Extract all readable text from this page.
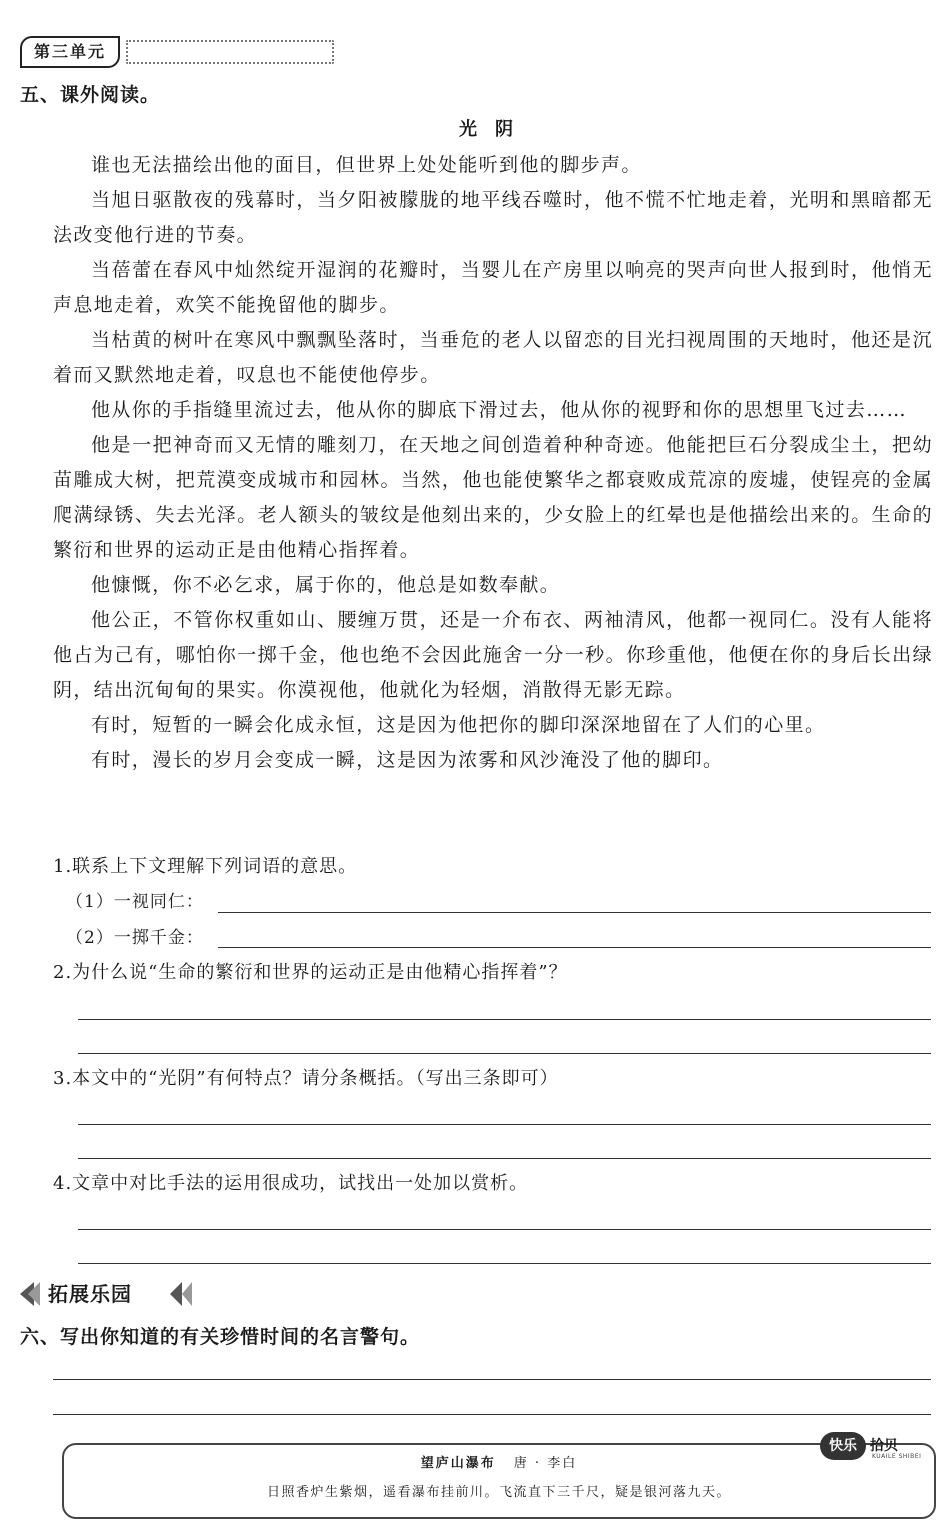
第三单元
五、课外阅读。
光阴

谁也无法描绘出他的面目，但世界上处处能听到他的脚步声。

当旭日驱散夜的残幕时，当夕阳被朦胧的地平线吞噬时，他不慌不忙地走着，光明和黑暗都无法改变他行进的节奏。

当蓓蕾在春风中灿然绽开湿润的花瓣时，当婴儿在产房里以响亮的哭声向世人报到时，他悄无声息地走着，欢笑不能挽留他的脚步。

当枯黄的树叶在寒风中飘飘坠落时，当垂危的老人以留恋的目光扫视周围的天地时，他还是沉着而又默然地走着，叹息也不能使他停步。

他从你的手指缝里流过去，他从你的脚底下滑过去，他从你的视野和你的思想里飞过去……

他是一把神奇而又无情的雕刻刀，在天地之间创造着种种奇迹。他能把巨石分裂成尘土，把幼苗雕成大树，把荒漠变成城市和园林。当然，他也能使繁华之都衰败成荒凉的废墟，使锃亮的金属爬满绿锈、失去光泽。老人额头的皱纹是他刻出来的，少女脸上的红晕也是他描绘出来的。生命的繁衍和世界的运动正是由他精心指挥着。

他慷慨，你不必乞求，属于你的，他总是如数奉献。

他公正，不管你权重如山、腰缠万贯，还是一介布衣、两袖清风，他都一视同仁。没有人能将他占为己有，哪怕你一掷千金，他也绝不会因此施舍一分一秒。你珍重他，他便在你的身后长出绿阴，结出沉甸甸的果实。你漠视他，他就化为轻烟，消散得无影无踪。

有时，短暂的一瞬会化成永恒，这是因为他把你的脚印深深地留在了人们的心里。

有时，漫长的岁月会变成一瞬，这是因为浓雾和风沙淹没了他的脚印。

1.联系上下文理解下列词语的意思。
（1）一视同仁：
（2）一掷千金：
2.为什么说“生命的繁衍和世界的运动正是由他精心指挥着”？
3.本文中的“光阴”有何特点？请分条概括。（写出三条即可）
4.文章中对比手法的运用很成功，试找出一处加以赏析。
拓展乐园
六、写出你知道的有关珍惜时间的名言警句。
望庐山瀑布 唐 · 李白
日照香炉生紫烟，遥看瀑布挂前川。飞流直下三千尺，疑是银河落九天。
快乐 拾贝
KUAILE SHIBEI
